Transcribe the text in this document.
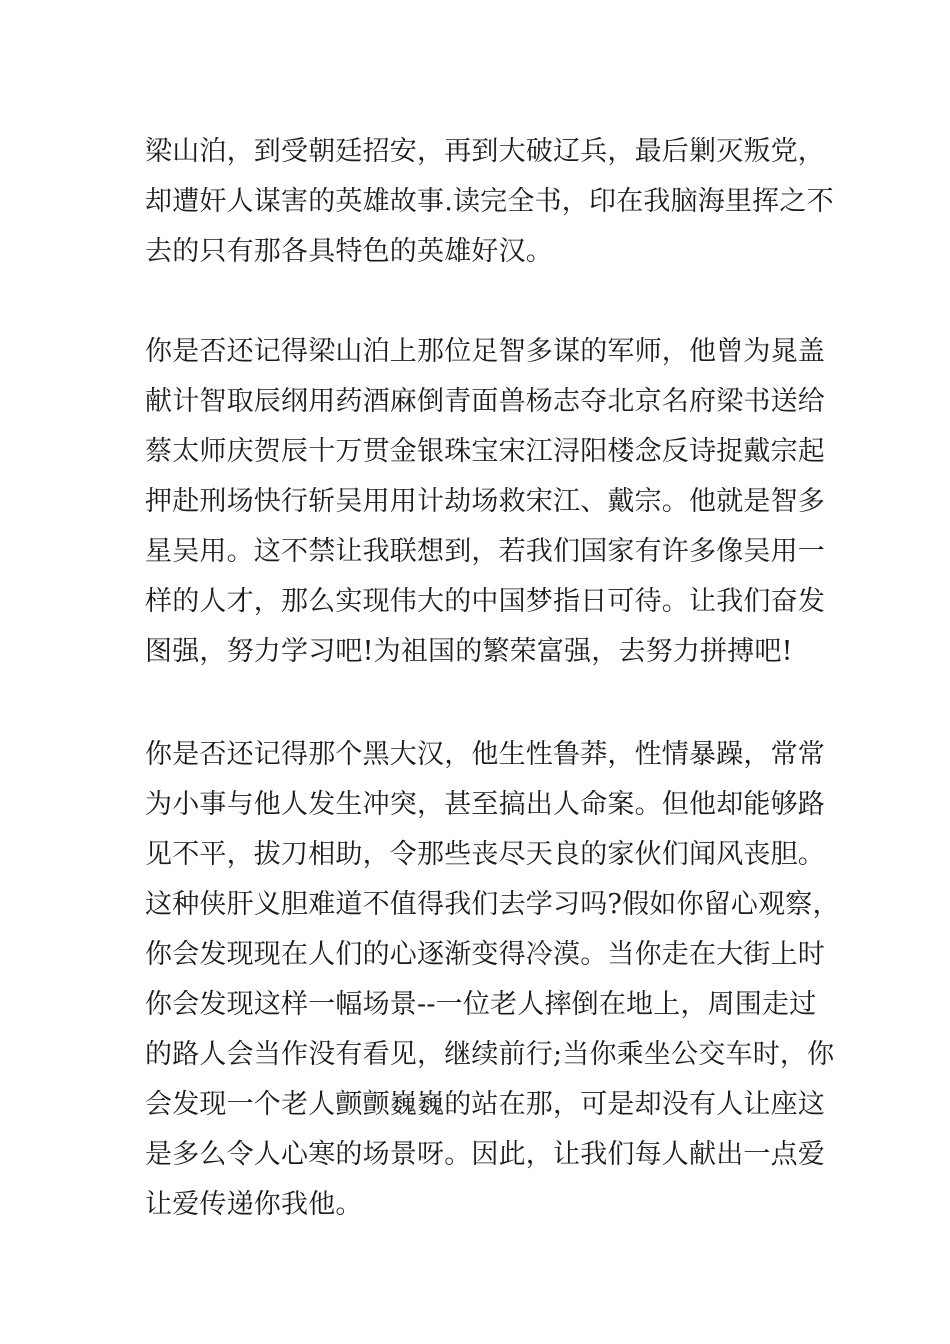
梁山泊，到受朝廷招安，再到大破辽兵，最后剿灭叛党，
却遭奸人谋害的英雄故事.读完全书，印在我脑海里挥之不
去的只有那各具特色的英雄好汉。
你是否还记得梁山泊上那位足智多谋的军师，他曾为晁盖
献计智取辰纲用药酒麻倒青面兽杨志夺北京名府梁书送给
蔡太师庆贺辰十万贯金银珠宝宋江浔阳楼念反诗捉戴宗起
押赴刑场快行斩吴用用计劫场救宋江、戴宗。他就是智多
星吴用。这不禁让我联想到，若我们国家有许多像吴用一
样的人才，那么实现伟大的中国梦指日可待。让我们奋发
图强，努力学习吧!为祖国的繁荣富强，去努力拼搏吧!
你是否还记得那个黑大汉，他生性鲁莽，性情暴躁，常常
为小事与他人发生冲突，甚至搞出人命案。但他却能够路
见不平，拔刀相助，令那些丧尽天良的家伙们闻风丧胆。
这种侠肝义胆难道不值得我们去学习吗?假如你留心观察，
你会发现现在人们的心逐渐变得冷漠。当你走在大街上时
你会发现这样一幅场景--一位老人摔倒在地上，周围走过
的路人会当作没有看见，继续前行;当你乘坐公交车时，你
会发现一个老人颤颤巍巍的站在那，可是却没有人让座这
是多么令人心寒的场景呀。因此，让我们每人献出一点爱
让爱传递你我他。
